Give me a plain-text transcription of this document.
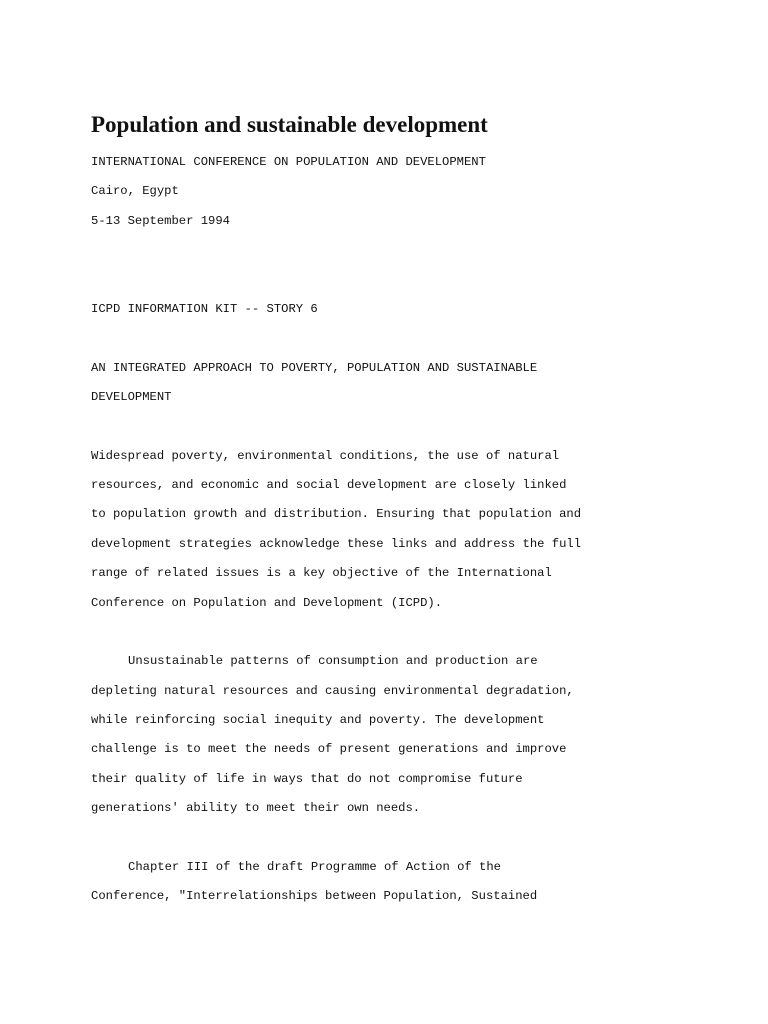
Population and sustainable development

INTERNATIONAL CONFERENCE ON POPULATION AND DEVELOPMENT

Cairo, Egypt

5-13 September 1994

ICPD INFORMATION KIT -- STORY 6

AN INTEGRATED APPROACH TO POVERTY, POPULATION AND SUSTAINABLE

DEVELOPMENT

Widespread poverty, environmental conditions, the use of natural

resources, and economic and social development are closely linked

to population growth and distribution. Ensuring that population and

development strategies acknowledge these links and address the full

range of related issues is a key objective of the International

Conference on Population and Development (ICPD).

Unsustainable patterns of consumption and production are

depleting natural resources and causing environmental degradation,

while reinforcing social inequity and poverty. The development

challenge is to meet the needs of present generations and improve

their quality of life in ways that do not compromise future

generations' ability to meet their own needs.

Chapter III of the draft Programme of Action of the

Conference, "Interrelationships between Population, Sustained
